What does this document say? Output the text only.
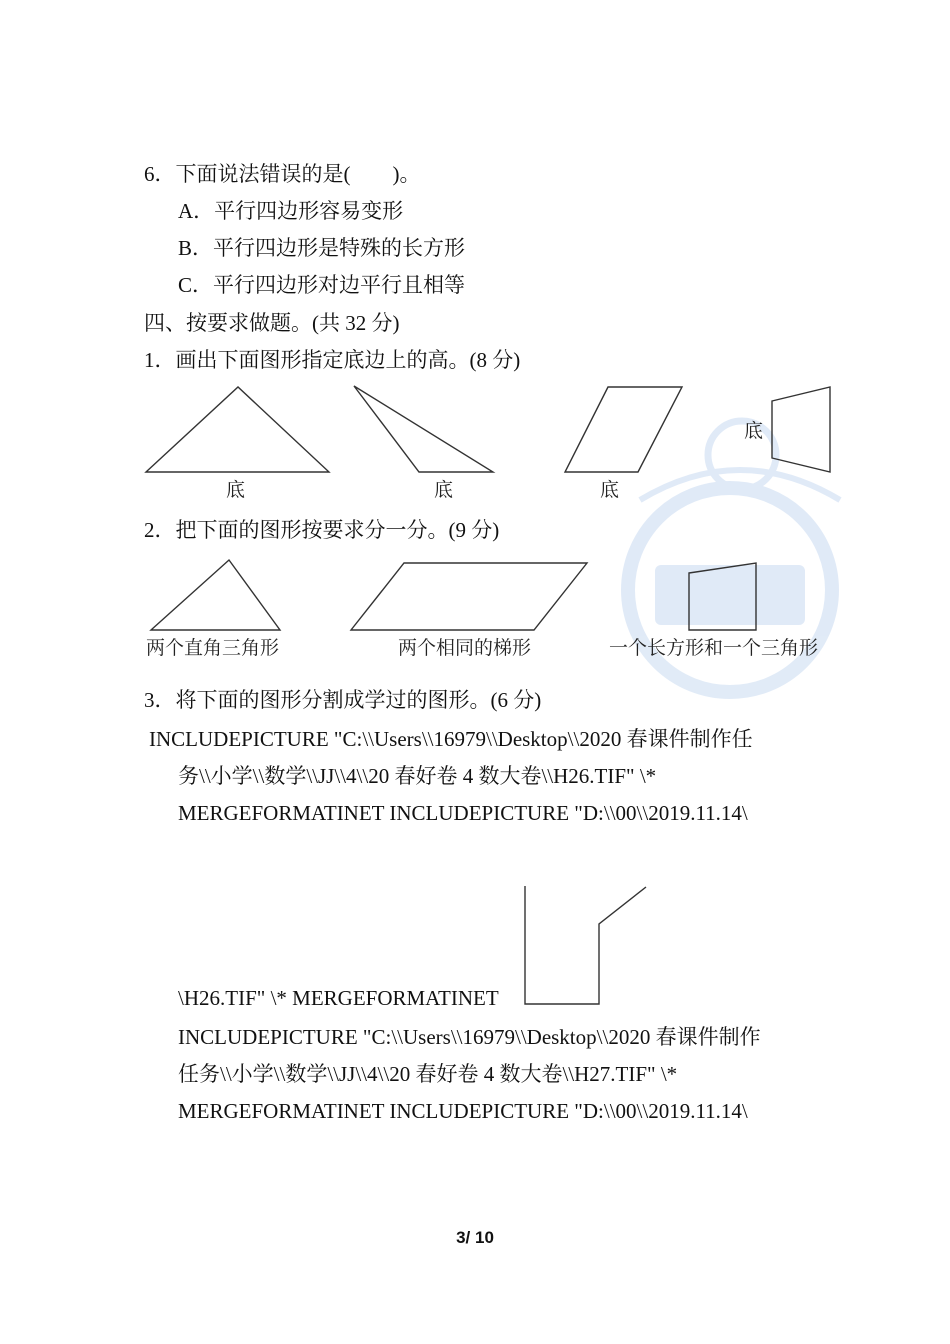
6．下面说法错误的是(　　)。
A．平行四边形容易变形
B．平行四边形是特殊的长方形
C．平行四边形对边平行且相等
四、按要求做题。(共 32 分)
1．画出下面图形指定底边上的高。(8 分)
底	底	底
底
2．把下面的图形按要求分一分。(9 分)
两个直角三角形	两个相同的梯形	一个长方形和一个三角形
3．将下面的图形分割成学过的图形。(6 分)
INCLUDEPICTURE "C:\\Users\\16979\\Desktop\\2020 春课件制作任
务\\小学\\数学\\JJ\\4\\20 春好卷 4 数大卷\\H26.TIF" \*
MERGEFORMATINET INCLUDEPICTURE "D:\\00\\2019.11.14\
\H26.TIF" \* MERGEFORMATINET
INCLUDEPICTURE "C:\\Users\\16979\\Desktop\\2020 春课件制作
任务\\小学\\数学\\JJ\\4\\20 春好卷 4 数大卷\\H27.TIF" \*
MERGEFORMATINET INCLUDEPICTURE "D:\\00\\2019.11.14\
3/ 10
